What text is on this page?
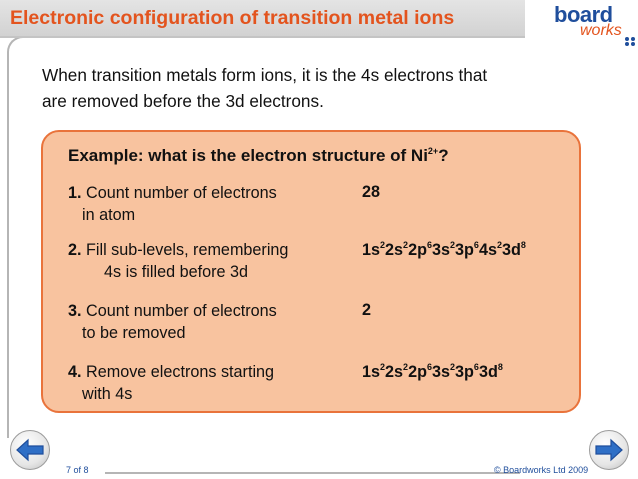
Electronic configuration of transition metal ions	board
works
When transition metals form ions, it is the 4s electrons that
are removed before the 3d electrons.
Example: what is the electron structure of $Ni^{2+}$?
1. Count number of electrons
in atom
28
2. Fill sub-levels, remembering
4s is filled before 3d
$1s^22s^22p^63s^23p^64s^23d^8$
3. Count number of electrons
to be removed
2
4. Remove electrons starting
with 4s
$1s^22s^22p^63s^23p^63d^8$
7 of 8	© Boardworks Ltd 2009
